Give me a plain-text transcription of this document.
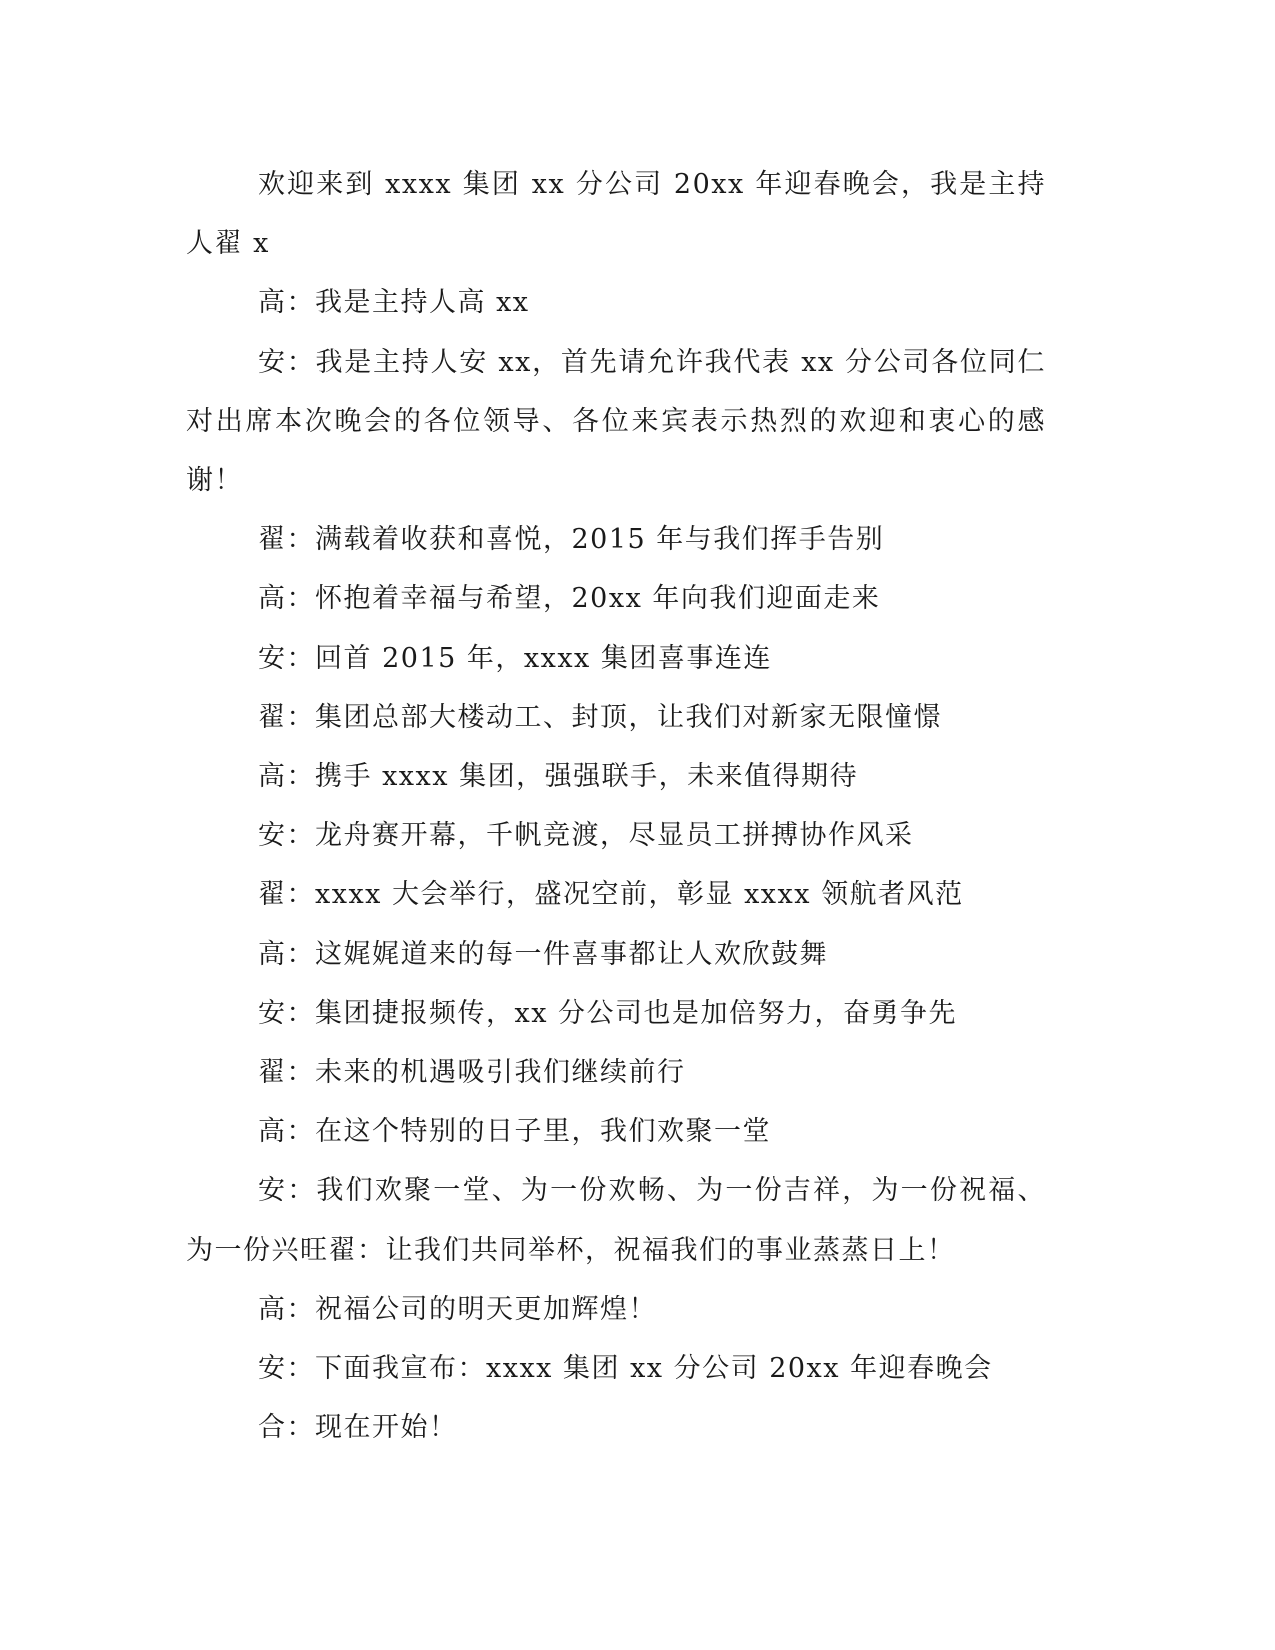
欢迎来到 xxxx 集团 xx 分公司 20xx 年迎春晚会，我是主持人翟 x

高：我是主持人高 xx

安：我是主持人安 xx，首先请允许我代表 xx 分公司各位同仁对出席本次晚会的各位领导、各位来宾表示热烈的欢迎和衷心的感谢！

翟：满载着收获和喜悦，2015 年与我们挥手告别

高：怀抱着幸福与希望，20xx 年向我们迎面走来

安：回首 2015 年，xxxx 集团喜事连连

翟：集团总部大楼动工、封顶，让我们对新家无限憧憬

高：携手 xxxx 集团，强强联手，未来值得期待

安：龙舟赛开幕，千帆竞渡，尽显员工拼搏协作风采

翟：xxxx 大会举行，盛况空前，彰显 xxxx 领航者风范

高：这娓娓道来的每一件喜事都让人欢欣鼓舞

安：集团捷报频传，xx 分公司也是加倍努力，奋勇争先

翟：未来的机遇吸引我们继续前行

高：在这个特别的日子里，我们欢聚一堂

安：我们欢聚一堂、为一份欢畅、为一份吉祥，为一份祝福、为一份兴旺翟：让我们共同举杯，祝福我们的事业蒸蒸日上！

高：祝福公司的明天更加辉煌！

安：下面我宣布：xxxx 集团 xx 分公司 20xx 年迎春晚会

合：现在开始！
